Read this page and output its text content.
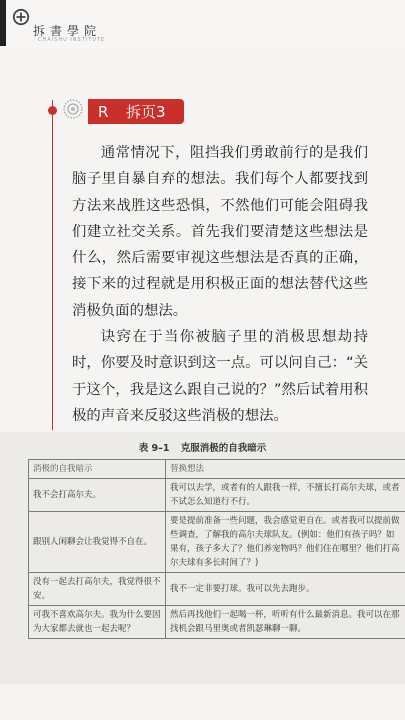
拆書學院
CHAISHU INSTITUTE
R	拆页3

通常情况下，阻挡我们勇敢前行的是我们脑子里自暴自弃的想法。我们每个人都要找到方法来战胜这些恐惧，不然他们可能会阻碍我们建立社交关系。首先我们要清楚这些想法是什么，然后需要审视这些想法是否真的正确，接下来的过程就是用积极正面的想法替代这些消极负面的想法。

诀窍在于当你被脑子里的消极思想劫持时，你要及时意识到这一点。可以问自己：“关于这个，我是这么跟自己说的？”然后试着用积极的声音来反驳这些消极的想法。

表 9–1 克服消极的自我暗示
消极的自我暗示	替换想法
我不会打高尔夫。	我可以去学，或者有的人跟我一样，不擅长打高尔夫球，或者不试怎么知道行不行。
跟别人闲聊会让我觉得不自在。	要是提前准备一些问题，我会感觉更自在。或者我可以提前做些调查，了解我的高尔夫球队友。(例如：他们有孩子吗？如果有，孩子多大了？他们养宠物吗？他们住在哪里？他们打高尔夫球有多长时间了？)
没有一起去打高尔夫，我觉得很不安。	我不一定非要打球。我可以先去跑步。
可我不喜欢高尔夫。我为什么要因为大家都去就也一起去呢？	然后再找他们一起喝一杯，听听有什么最新消息。我可以在那找机会跟马里奥或者凯瑟琳聊一聊。
